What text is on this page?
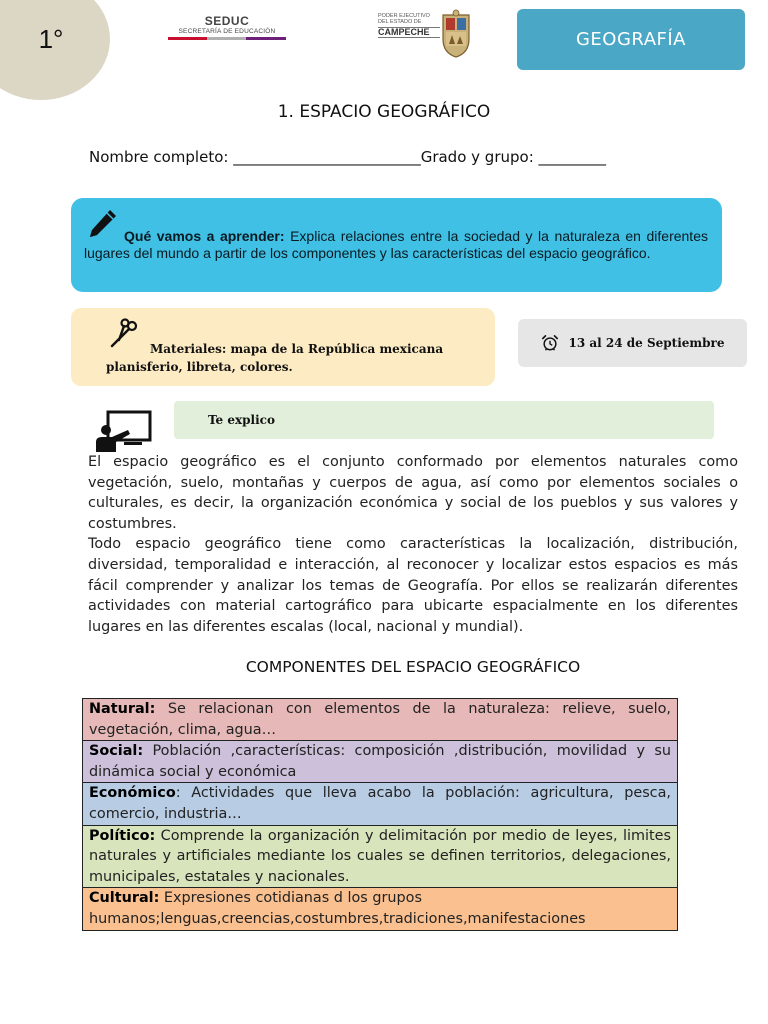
1°
SEDUC
SECRETARÍA DE EDUCACIÓN
PODER EJECUTIVO
DEL ESTADO DE
CAMPECHE	GEOGRAFÍA
1. ESPACIO GEOGRÁFICO
Nombre completo: _________________________Grado y grupo: _________
Qué vamos a aprender: Explica relaciones entre la sociedad y la naturaleza en diferentes lugares del mundo a partir de los componentes y las características del espacio geográfico.
Materiales: mapa de la República mexicana
planisferio, libreta, colores.
13 al 24 de Septiembre
Te explico

El espacio geográfico es el conjunto conformado por elementos naturales como vegetación, suelo, montañas y cuerpos de agua, así como por elementos sociales o culturales, es decir, la organización económica y social de los pueblos y sus valores y costumbres.

Todo espacio geográfico tiene como características la localización, distribución, diversidad, temporalidad e interacción, al reconocer y localizar estos espacios es más fácil comprender y analizar los temas de Geografía. Por ellos se realizarán diferentes actividades con material cartográfico para ubicarte espacialmente en los diferentes lugares en las diferentes escalas (local, nacional y mundial).

COMPONENTES DEL ESPACIO GEOGRÁFICO
Natural: Se relacionan con elementos de la naturaleza: relieve, suelo, vegetación, clima, agua…
Social: Población ,características: composición ,distribución, movilidad y su dinámica social y económica
Económico: Actividades que lleva acabo la población: agricultura, pesca, comercio, industria…
Político: Comprende la organización y delimitación por medio de leyes, limites naturales y artificiales mediante los cuales se definen territorios, delegaciones, municipales, estatales y nacionales.
Cultural: Expresiones cotidianas d los grupos humanos;lenguas,creencias,costumbres,tradiciones,manifestaciones
